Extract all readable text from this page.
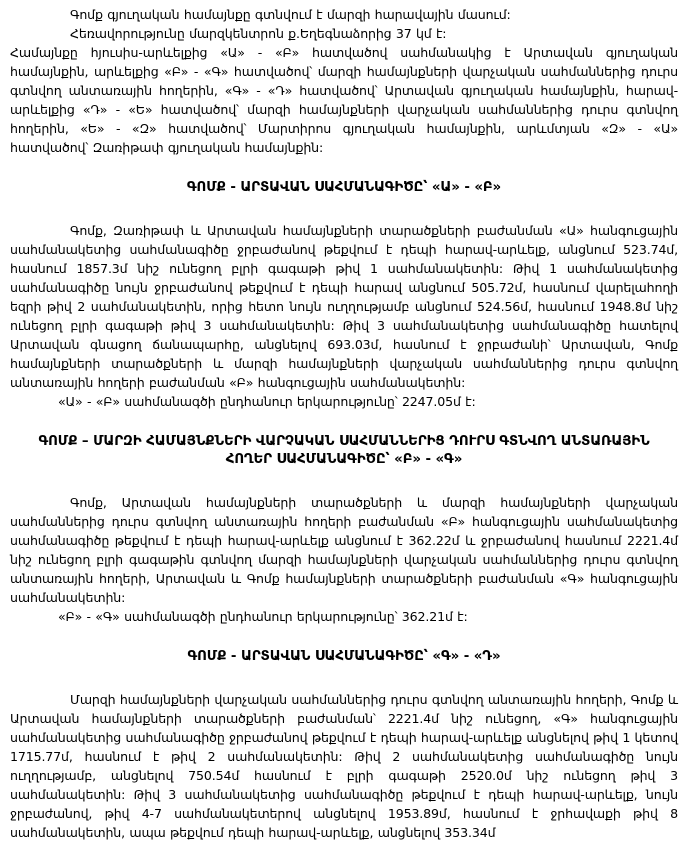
Գոմք գյուղական համայնքը գտնվում է մարզի հարավային մասում:

Հեռավորությունը մարզկենտրոն ք.Եղեգնաձորից 37 կմ է:

Համայնքը հյուսիս-արևելքից «Ա» - «Բ» հատվածով սահմանակից է Արտավան գյուղական համայնքին, արևելքից «Բ» - «Գ» հատվածով՝ մարզի համայնքների վարչական սահմաններից դուրս գտնվող անտառային հողերին, «Գ» - «Դ» հատվածով՝ Արտավան գյուղական համայնքին, հարավ-արևելքից «Դ» - «Ե» հատվածով՝ մարզի համայնքների վարչական սահմաններից դուրս գտնվող հողերին, «Ե» - «Զ» հատվածով՝ Մարտիրոս գյուղական համայնքին, արևմտյան «Զ» - «Ա» հատվածով՝ Զառիթափ գյուղական համայնքին:

ԳՈՄՔ - ԱՐՏԱՎԱՆ ՍԱՀՄԱՆԱԳԻԾԸ՝ «Ա» - «Բ»

Գոմք, Զառիթափ և Արտավան համայնքների տարածքների բաժանման «Ա» հանգուցային սահմանակետից սահմանագիծը ջրբաժանով թեքվում է դեպի հարավ-արևելք, անցնում 523.74մ, հասնում 1857.3մ նիշ ունեցող բլրի գագաթի թիվ 1 սահմանակետին: Թիվ 1 սահմանակետից սահմանագիծը նույն ջրբաժանով թեքվում է դեպի հարավ անցնում 505.72մ, հասնում վարելահողի եզրի թիվ 2 սահմանակետին, որից հետո նույն ուղղությամբ անցնում 524.56մ, հասնում 1948.8մ նիշ ունեցող բլրի գագաթի թիվ 3 սահմանակետին: Թիվ 3 սահմանակետից սահմանագիծը հատելով Արտավան գնացող ճանապարհը, անցնելով 693.03մ, հասնում է ջրբաժանի՝ Արտավան, Գոմք համայնքների տարածքների և մարզի համայնքների վարչական սահմաններից դուրս գտնվող անտառային հողերի բաժանման «Բ» հանգուցային սահմանակետին:

«Ա» - «Բ» սահմանագծի ընդհանուր երկարությունը՝ 2247.05մ է:

ԳՈՄՔ – ՄԱՐԶԻ ՀԱՄԱՅՆՔՆԵՐԻ ՎԱՐՉԱԿԱՆ ՍԱՀՄԱՆՆԵՐԻՑ ԴՈՒՐՍ ԳՏՆՎՈՂ ԱՆՏԱՌԱՅԻՆ
ՀՈՂԵՐ ՍԱՀՄԱՆԱԳԻԾԸ՝ «Բ» - «Գ»

Գոմք, Արտավան համայնքների տարածքների և մարզի համայնքների վարչական սահմաններից դուրս գտնվող անտառային հողերի բաժանման «Բ» հանգուցային սահմանակետից սահմանագիծը թեքվում է դեպի հարավ-արևելք անցնում է 362.22մ և ջրբաժանով հասնում 2221.4մ նիշ ունեցող բլրի գագաթին գտնվող մարզի համայնքների վարչական սահմաններից դուրս գտնվող անտառային հողերի, Արտավան և Գոմք համայնքների տարածքների բաժանման «Գ» հանգուցային սահմանակետին:

«Բ» - «Գ» սահմանագծի ընդհանուր երկարությունը՝ 362.21մ է:

ԳՈՄՔ - ԱՐՏԱՎԱՆ ՍԱՀՄԱՆԱԳԻԾԸ՝ «Գ» - «Դ»

Մարզի համայնքների վարչական սահմաններից դուրս գտնվող անտառային հողերի, Գոմք և Արտավան համայնքների տարածքների բաժանման՝ 2221.4մ նիշ ունեցող, «Գ» հանգուցային սահմանակետից սահմանագիծը ջրբաժանով թեքվում է դեպի հարավ-արևելք անցնելով թիվ 1 կետով 1715.77մ, հասնում է թիվ 2 սահմանակետին: Թիվ 2 սահմանակետից սահմանագիծը նույն ուղղությամբ, անցնելով 750.54մ հասնում է բլրի գագաթի 2520.0մ նիշ ունեցող թիվ 3 սահմանակետին: Թիվ 3 սահմանակետից սահմանագիծը թեքվում է դեպի հարավ-արևելք, նույն ջրբաժանով, թիվ 4-7 սահմանակետերով անցնելով 1953.89մ, հասնում է ջրհավաքի թիվ 8 սահմանակետին, ապա թեքվում դեպի հարավ-արևելք, անցնելով 353.34մ
